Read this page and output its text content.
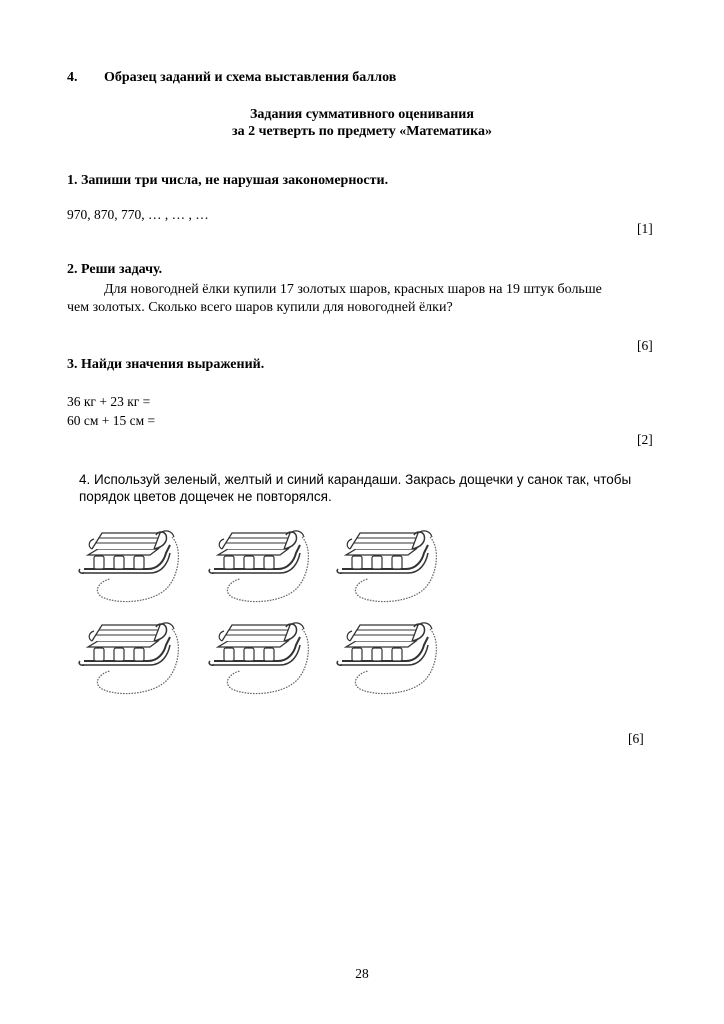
4. Образец заданий и схема выставления баллов
Задания суммативного оценивания
за 2 четверть по предмету «Математика»
1. Запиши три числа, не нарушая закономерности.
970, 870, 770, … , … , …
[1]
2. Реши задачу.
Для новогодней ёлки купили 17 золотых шаров, красных шаров на 19 штук больше

чем золотых. Сколько всего шаров купили для новогодней ёлки?
[6]
3. Найди значения выражений.
36 кг + 23 кг =
60 см + 15 см =
[2]
4. Используй зеленый, желтый и синий карандаши. Закрась дощечки у санок так, чтобы
порядок цветов дощечек не повторялся.
[6]
28
